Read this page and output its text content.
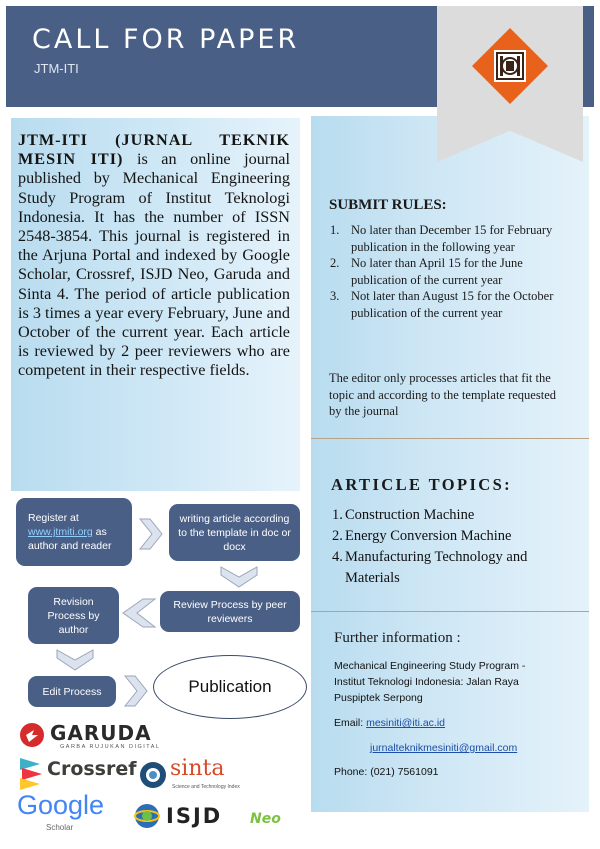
CALL FOR PAPER
JTM-ITI
SUBMIT RULES:
1. No later than December 15 for February publication in the following year
2. No later than April 15 for the June publication of the current year
3. Not later than August 15 for the October publication of the current year
The editor only processes articles that fit the topic and according to the template requested by the journal
ARTICLE TOPICS:
1. Construction Machine
2. Energy Conversion Machine
4. Manufacturing Technology and Materials
Further information :
Mechanical Engineering Study Program -
Institut Teknologi Indonesia: Jalan Raya
Puspiptek Serpong
Email: mesiniti@iti.ac.id
jurnalteknikmesiniti@gmail.com
Phone: (021) 7561091
JTM-ITI (JURNAL TEKNIK MESIN ITI) is an online journal published by Mechanical Engineering Study Program of Institut Teknologi Indonesia. It has the number of ISSN 2548-3854. This journal is registered in the Arjuna Portal and indexed by Google Scholar, Crossref, ISJD Neo, Garuda and Sinta 4. The period of article publication is 3 times a year every February, June and October of the current year. Each article is reviewed by 2 peer reviewers who are competent in their respective fields.
Register at
www.jtmiti.org as
author and reader
writing article according to the template in doc or docx
Review Process by peer reviewers
Revision Process by author
Edit Process	Publication
GARUDA
GARBA RUJUKAN DIGITAL
Crossref sinta
Science and Technology Index
Google
Scholar	ISJD Neo
